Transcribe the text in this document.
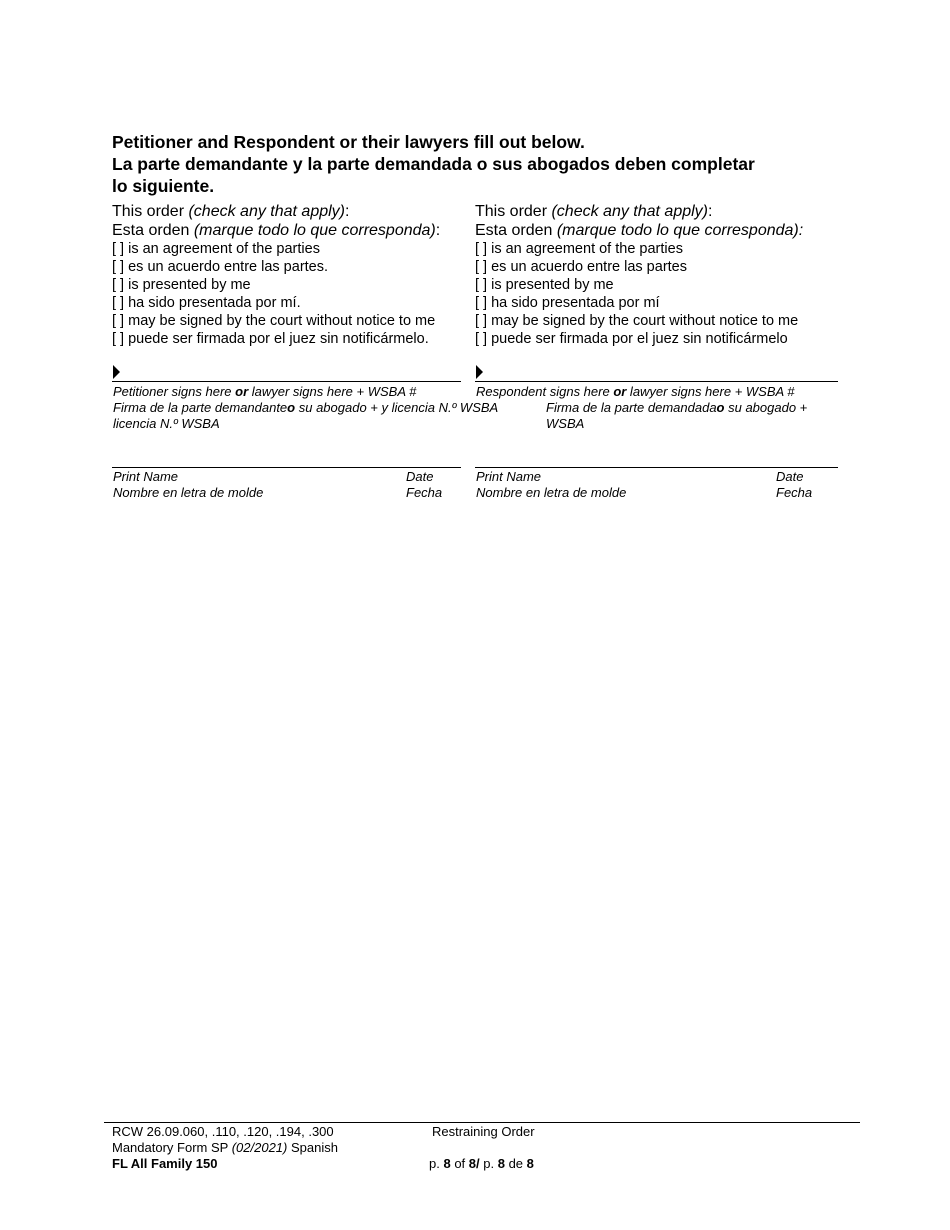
Petitioner and Respondent or their lawyers fill out below.
La parte demandante y la parte demandada o sus abogados deben completar
lo siguiente.
This order (check any that apply):
Esta orden (marque todo lo que corresponda):
[ ] is an agreement of the parties
[ ] es un acuerdo entre las partes.
[ ] is presented by me
[ ] ha sido presentada por mí.
[ ] may be signed by the court without notice to me
[ ] puede ser firmada por el juez sin notificármelo.
This order (check any that apply):
Esta orden (marque todo lo que corresponda):
[ ] is an agreement of the parties
[ ] es un acuerdo entre las partes
[ ] is presented by me
[ ] ha sido presentada por mí
[ ] may be signed by the court without notice to me
[ ] puede ser firmada por el juez sin notificármelo
Petitioner signs here or lawyer signs here + WSBA #
Firma de la parte demandanteo su abogado + y licencia N.º WSBA
licencia N.º WSBA
Respondent signs here or lawyer signs here + WSBA #
Firma de la parte demandadao su abogado +
WSBA
Print Name
Nombre en letra de molde
Date
Fecha
Print Name
Nombre en letra de molde
Date
Fecha
RCW 26.09.060, .110, .120, .194, .300
Mandatory Form SP (02/2021) Spanish
FL All Family 150
Restraining Order
p. 8 of 8/ p. 8 de 8
